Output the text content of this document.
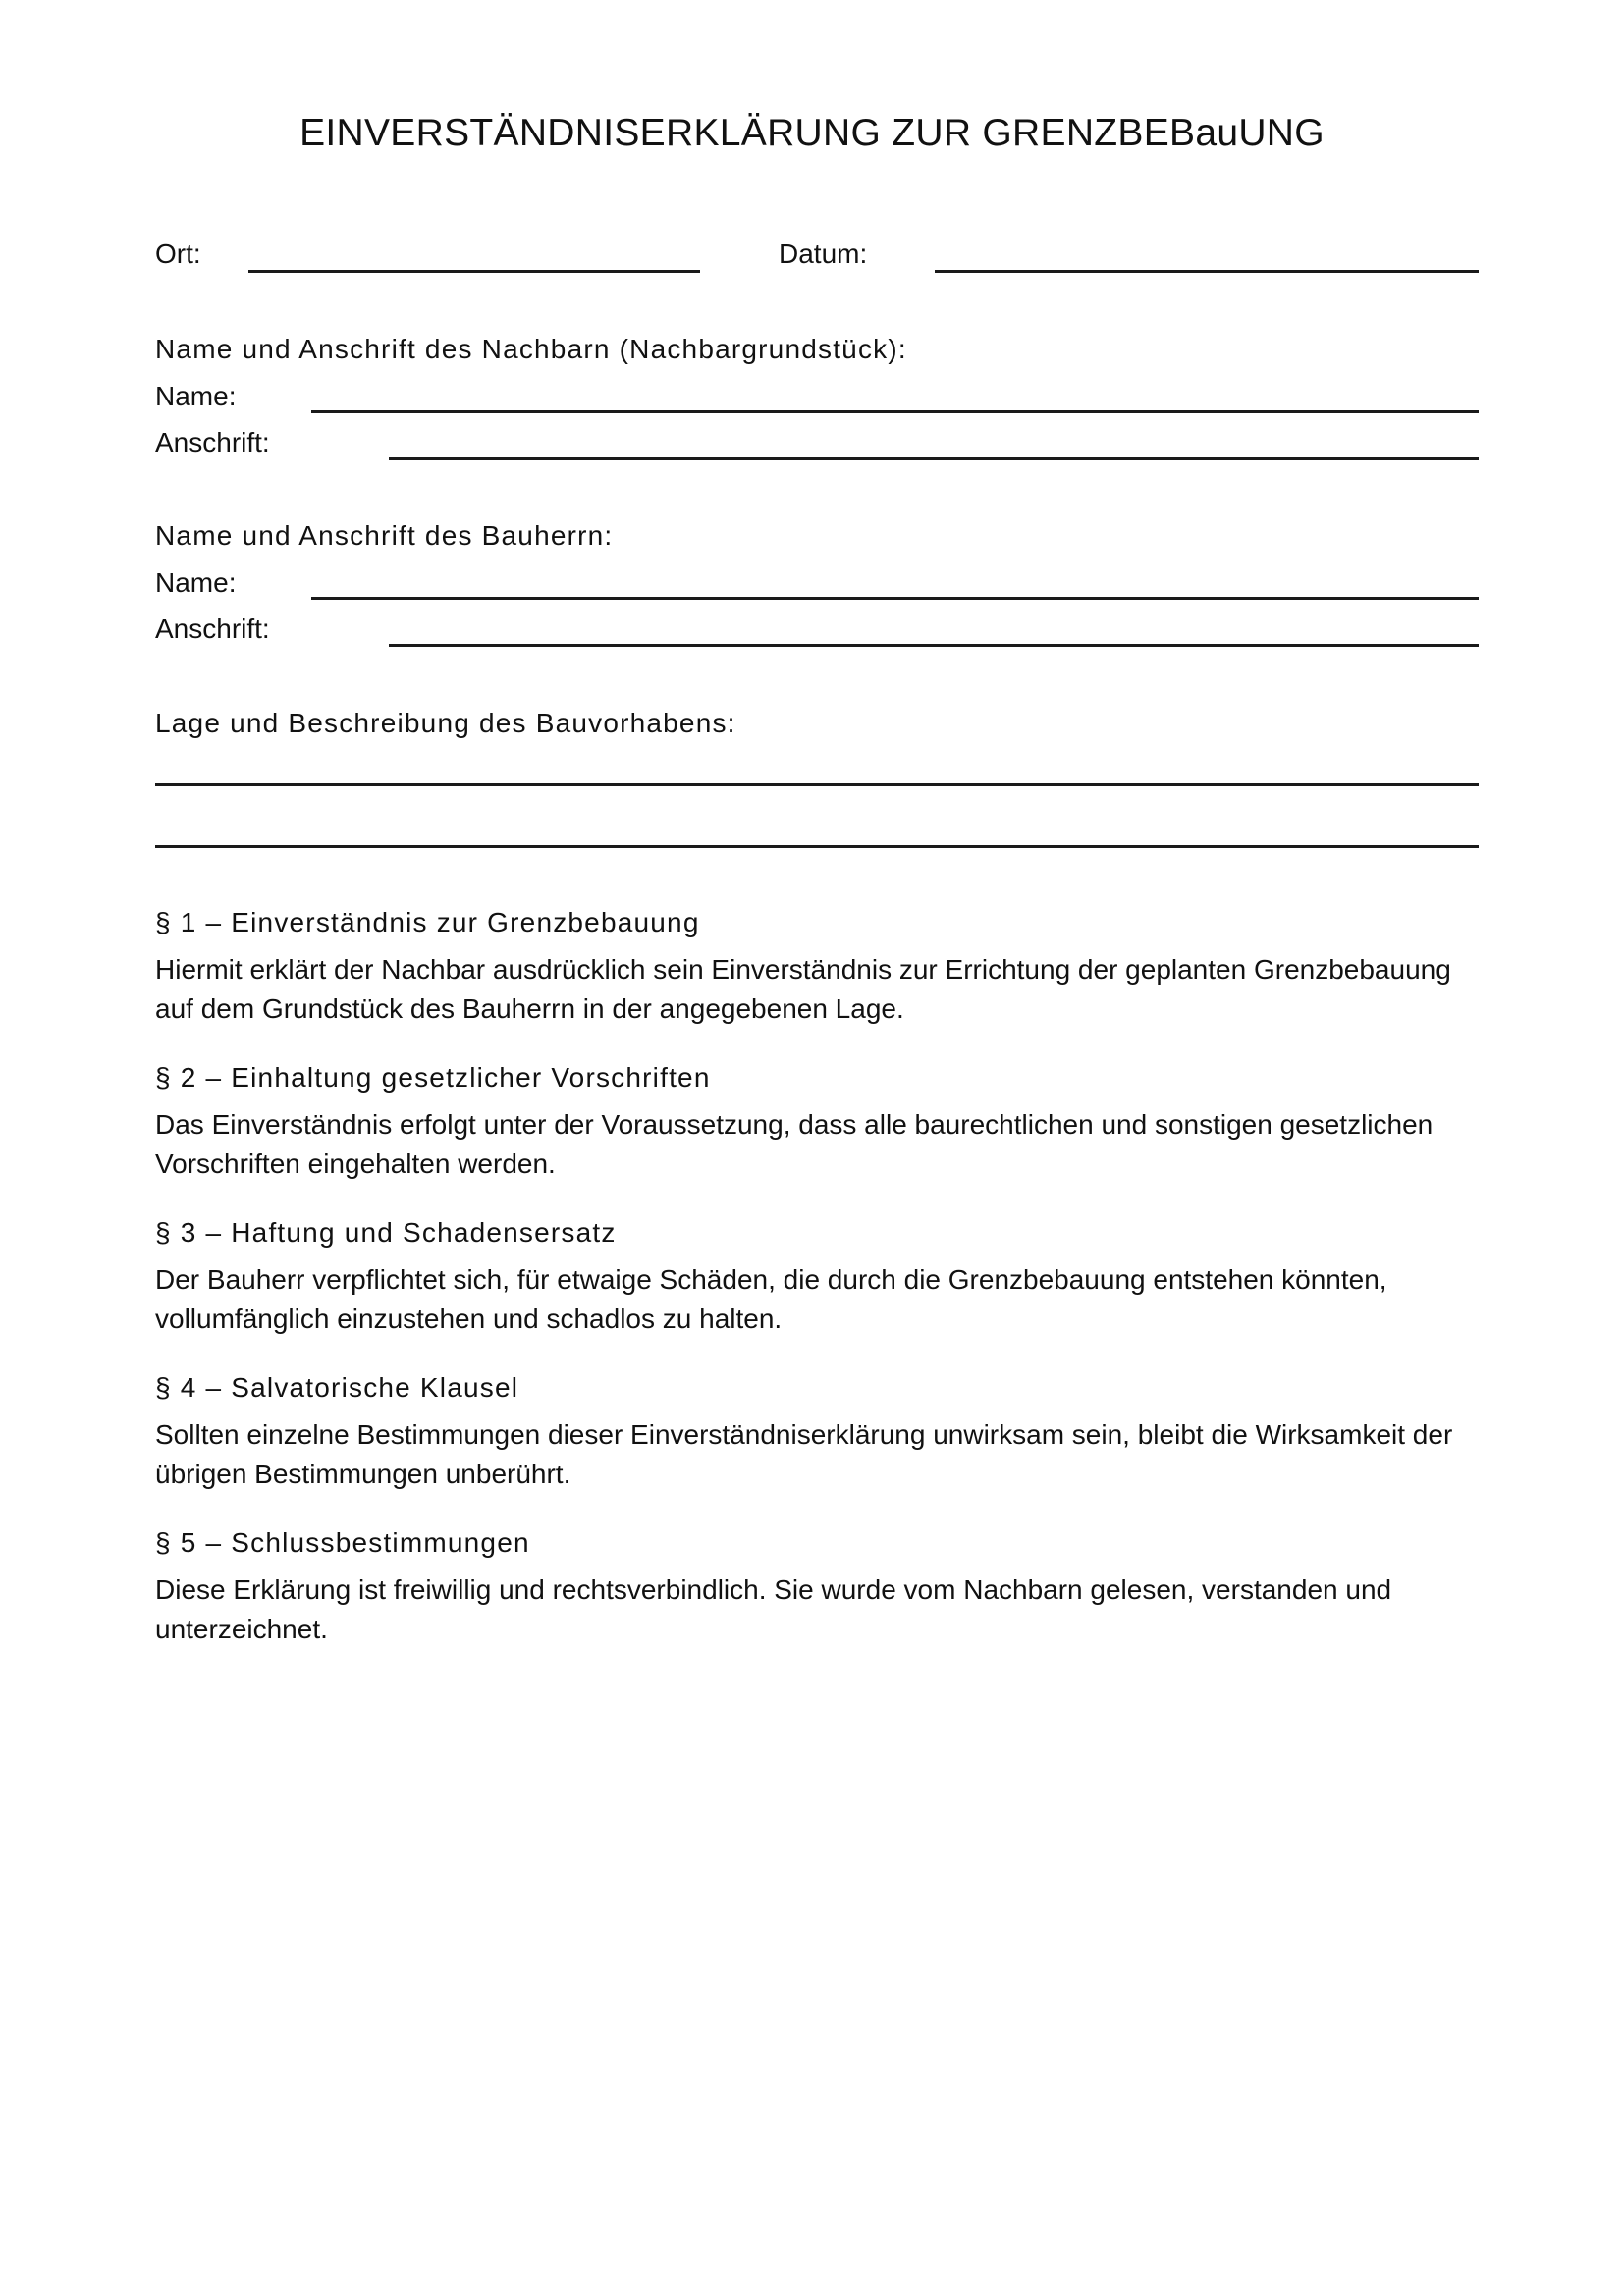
EINVERSTÄNDNISERKLÄRUNG ZUR GRENZBEBauUNG
Ort:	Datum:
Name und Anschrift des Nachbarn (Nachbargrundstück):
Name:
Anschrift:
Name und Anschrift des Bauherrn:
Name:
Anschrift:
Lage und Beschreibung des Bauvorhabens:
§ 1 – Einverständnis zur Grenzbebauung
Hiermit erklärt der Nachbar ausdrücklich sein Einverständnis zur Errichtung der geplanten Grenzbebauung auf dem Grundstück des Bauherrn in der angegebenen Lage.
§ 2 – Einhaltung gesetzlicher Vorschriften
Das Einverständnis erfolgt unter der Voraussetzung, dass alle baurechtlichen und sonstigen gesetzlichen Vorschriften eingehalten werden.
§ 3 – Haftung und Schadensersatz
Der Bauherr verpflichtet sich, für etwaige Schäden, die durch die Grenzbebauung entstehen könnten, vollumfänglich einzustehen und schadlos zu halten.
§ 4 – Salvatorische Klausel
Sollten einzelne Bestimmungen dieser Einverständniserklärung unwirksam sein, bleibt die Wirksamkeit der übrigen Bestimmungen unberührt.
§ 5 – Schlussbestimmungen
Diese Erklärung ist freiwillig und rechtsverbindlich. Sie wurde vom Nachbarn gelesen, verstanden und unterzeichnet.
